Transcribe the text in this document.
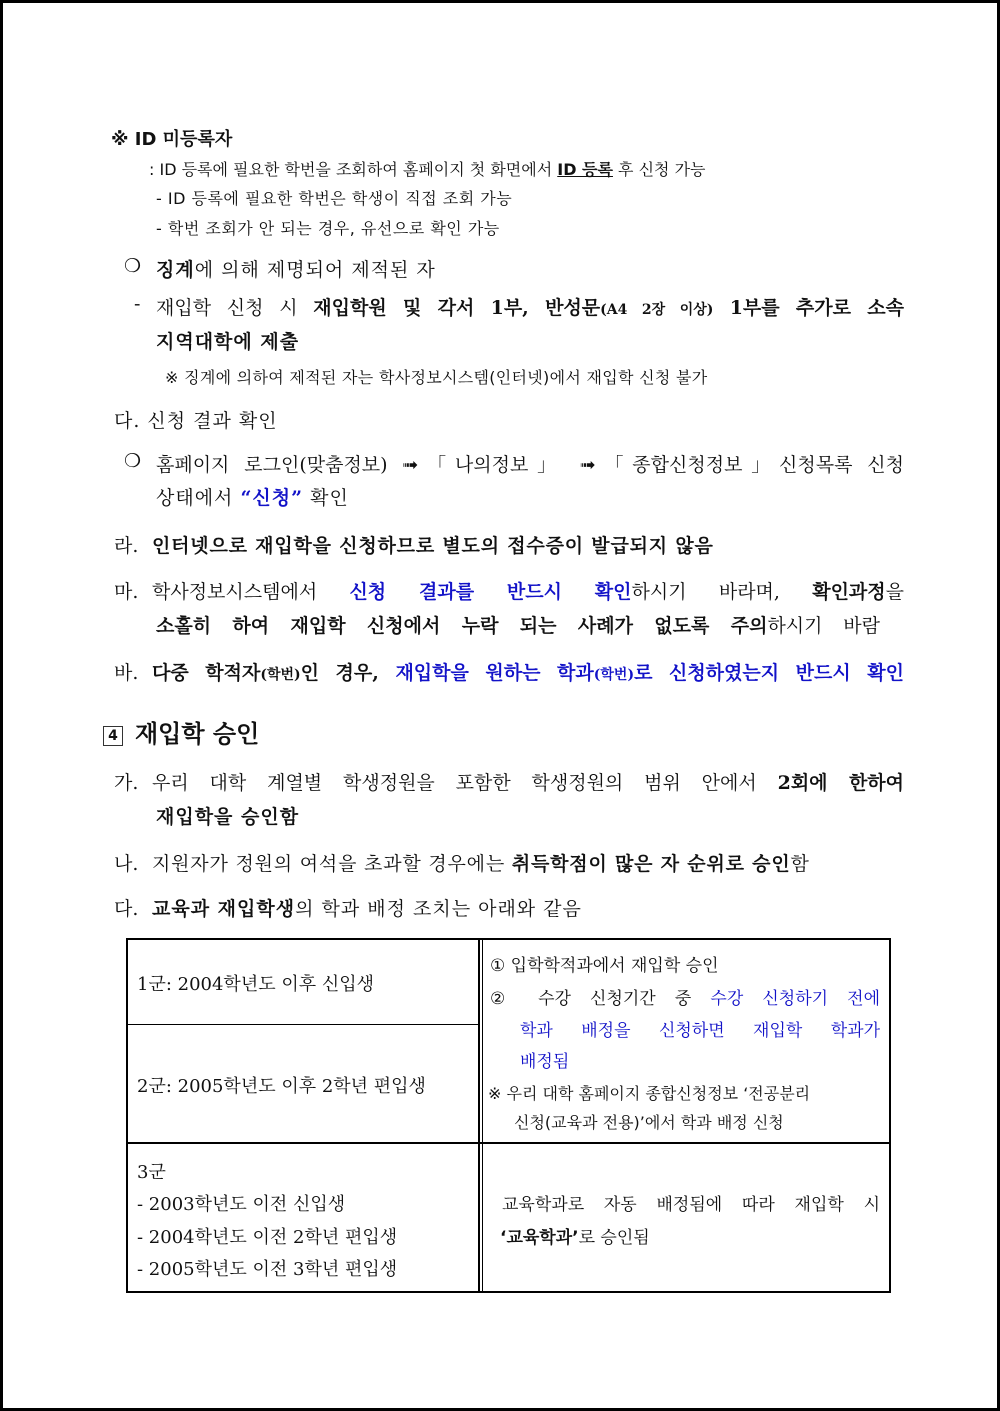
※ ID 미등록자
: ID 등록에 필요한 학번을 조회하여 홈페이지 첫 화면에서 ID 등록 후 신청 가능
- ID 등록에 필요한 학번은 학생이 직접 조회 가능
- 학번 조회가 안 되는 경우, 유선으로 확인 가능
❍ 징계에 의해 제명되어 제적된 자
- 재입학 신청 시 재입학원 및 각서 1부, 반성문(A4 2장 이상) 1부를 추가로 소속
지역대학에 제출
※ 징계에 의하여 제적된 자는 학사정보시스템(인터넷)에서 재입학 신청 불가
다. 신청 결과 확인
❍ 홈페이지 로그인(맞춤정보) ➟「나의정보」 ➟「종합신청정보」신청목록 신청
상태에서 “신청” 확인
라. 인터넷으로 재입학을 신청하므로 별도의 접수증이 발급되지 않음
마. 학사정보시스템에서 신청 결과를 반드시 확인하시기 바라며, 확인과정을
소홀히 하여 재입학 신청에서 누락 되는 사례가 없도록 주의하시기 바람
바. 다중 학적자(학번)인 경우, 재입학을 원하는 학과(학번)로 신청하였는지 반드시 확인
4 재입학 승인
가. 우리 대학 계열별 학생정원을 포함한 학생정원의 범위 안에서 2회에 한하여
재입학을 승인함
나. 지원자가 정원의 여석을 초과할 경우에는 취득학점이 많은 자 순위로 승인함
다. 교육과 재입학생의 학과 배정 조치는 아래와 같음
1군: 2004학년도 이후 신입생
2군: 2005학년도 이후 2학년 편입생
① 입학학적과에서 재입학 승인
② 수강 신청기간 중 수강 신청하기 전에
학과 배정을 신청하면 재입학 학과가
배정됨
※ 우리 대학 홈페이지 종합신청정보 ‘전공분리
신청(교육과 전용)’에서 학과 배정 신청
3군
- 2003학년도 이전 신입생
- 2004학년도 이전 2학년 편입생
- 2005학년도 이전 3학년 편입생
교육학과로 자동 배정됨에 따라 재입학 시
‘교육학과’로 승인됨
